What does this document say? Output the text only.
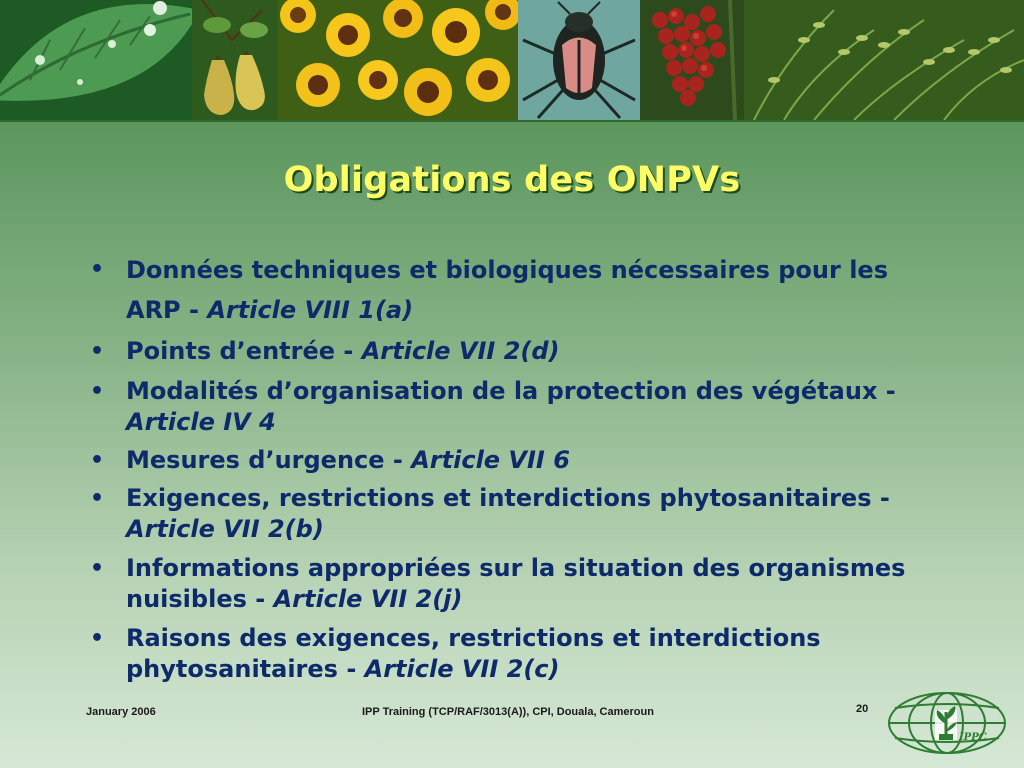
Obligations des ONPVs
• Données techniques et biologiques nécessaires pour les ARP - Article VIII 1(a)
• Points d’entrée - Article VII 2(d)
• Modalités d’organisation de la protection des végétaux - Article IV 4
• Mesures d’urgence - Article VII 6
• Exigences, restrictions et interdictions phytosanitaires - Article VII 2(b)
• Informations appropriées sur la situation des organismes nuisibles - Article VII 2(j)
• Raisons des exigences, restrictions et interdictions phytosanitaires - Article VII 2(c)
January 2006	IPP Training (TCP/RAF/3013(A)), CPI, Douala, Cameroun	20
IPPC
